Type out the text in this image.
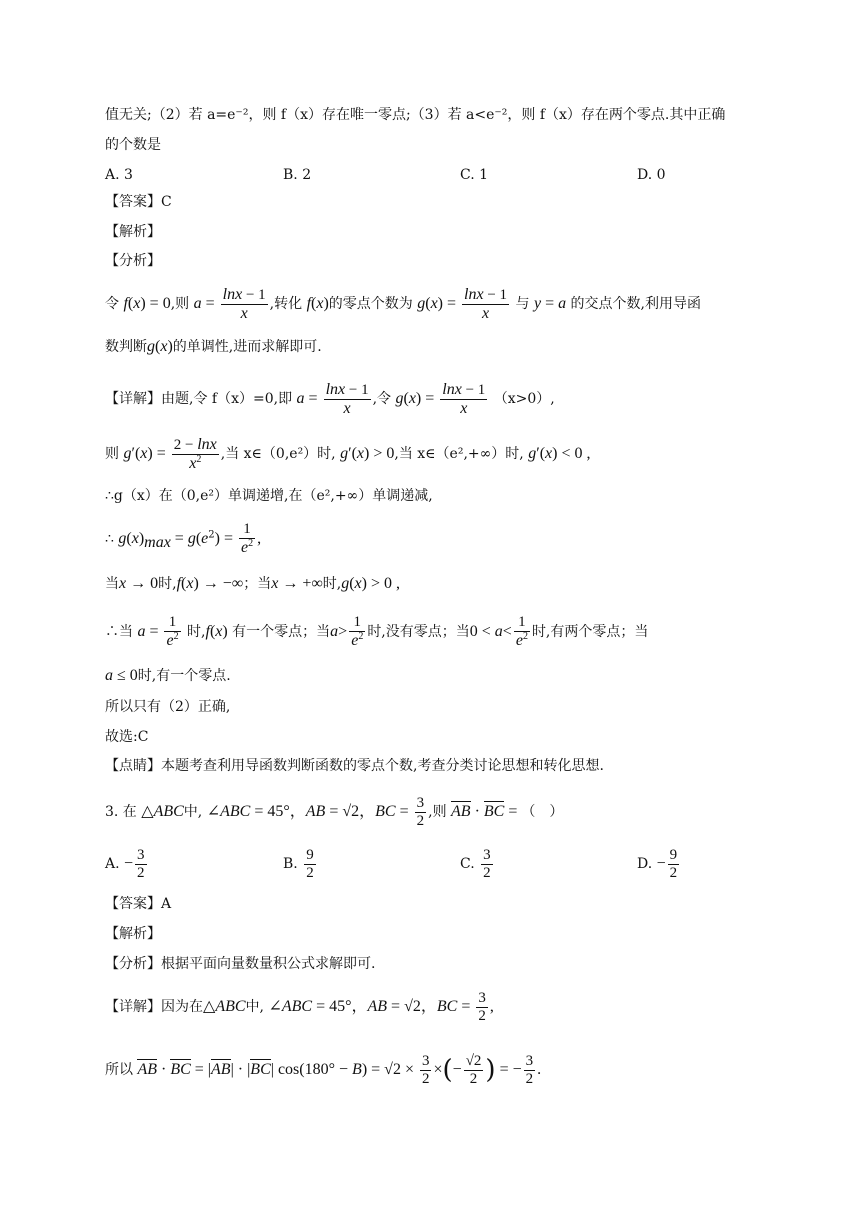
值无关;（2）若 a=e⁻²，则 f（x）存在唯一零点;（3）若 a<e⁻²，则 f（x）存在两个零点.其中正确
的个数是
A. 3	B. 2	C. 1	D. 0
【答案】C
【解析】
【分析】
令 f(x) = 0,则 $a = \frac{\ln x - 1}{x}$ ,转化 f(x)的零点个数为 $g(x) = \frac{\ln x - 1}{x}$ 与 y = a 的交点个数,利用导函
数判断g(x)的单调性,进而求解即可.
【详解】由题,令 f（x）=0,即 $a = \frac{\ln x - 1}{x}$ ,令 $g(x) = \frac{\ln x - 1}{x} (x>0)$,
则 $g'(x) = \frac{2 - \ln x}{x^2}$ ,当 x∈（0,e²）时, g′(x) > 0,当 x∈（e²,+∞）时, g′(x) < 0 ,
∴g（x）在（0,e²）单调递增,在（e²,+∞）单调递减,
∴ $g(x)_{max} = g(e^2) = \frac{1}{e^2}$ ,
当x → 0时,f(x) → −∞；当x → +∞时,g(x) > 0 ,
∴当 $a = \frac{1}{e^2}$ 时,f(x) 有一个零点；当$a> \frac{1}{e^2}$ 时,没有零点；当$0 < a< \frac{1}{e^2}$ 时,有两个零点；当
a ≤ 0时,有一个零点.
所以只有（2）正确,
故选:C
【点睛】本题考查利用导函数判断函数的零点个数,考查分类讨论思想和转化思想.
3. 在 △ABC中, ∠ABC = 45°，AB = √2，BC = $\frac{3}{2}$ ,则 AB · BC = （　）
A. − $\frac{3}{2}$	B. $\frac{9}{2}$	C. $\frac{3}{2}$	D. − $\frac{9}{2}$
【答案】A
【解析】
【分析】根据平面向量数量积公式求解即可.
【详解】因为在△ABC中, ∠ABC = 45°，AB = √2，BC = $\frac{3}{2}$ ,
所以 AB · BC = |AB| · |BC| $\cos(180^\circ - B) = √2 \times \frac{3}{2}$ ×(− $\frac{√2}{2}$ ) = − $\frac{3}{2}$ .
